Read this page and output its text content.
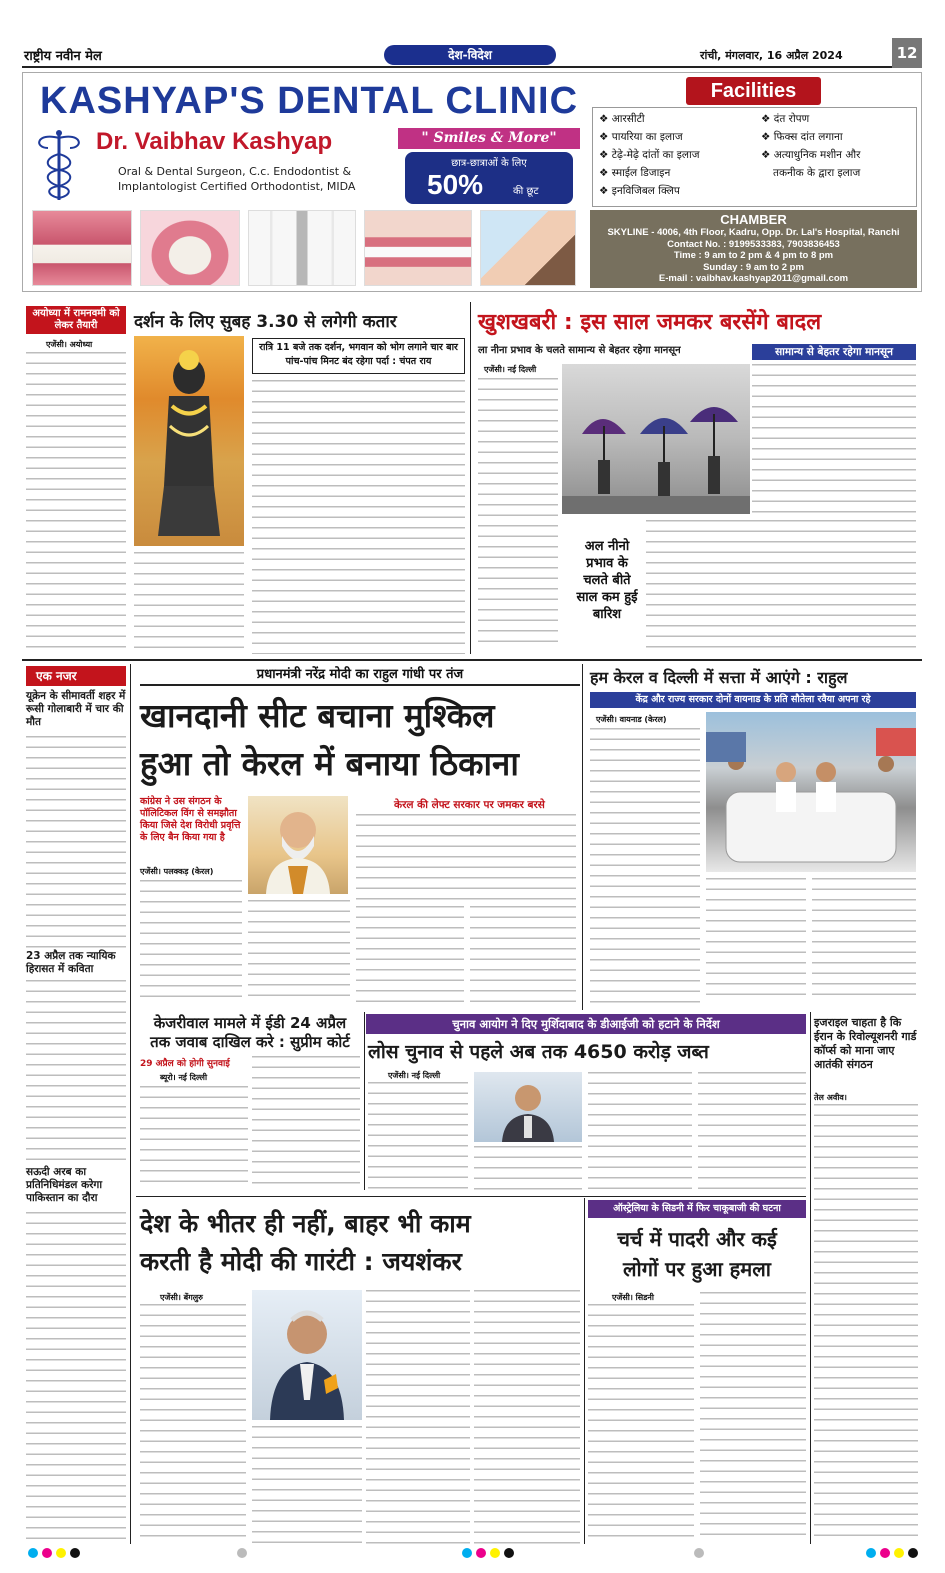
राष्ट्रीय नवीन मेल	देश-विदेश	रांची, मंगलवार, 16 अप्रैल 2024	12
KASHYAP'S DENTAL CLINIC
Dr. Vaibhav Kashyap
Oral & Dental Surgeon, C.c. Endodontist &
Implantologist Certified Orthodontist, MIDA
" Smiles & More"
छात्र-छात्राओं के लिए
50%	की छूट
Facilities
❖ आरसीटी
❖ पायरिया का इलाज
❖ टेढ़े-मेढ़े दांतों का इलाज
❖ स्माईल डिजाइन
❖ इनविजिबल क्लिप
❖ दंत रोपण
❖ फिक्स दांत लगाना
❖ अत्याधुनिक मशीन और
तकनीक के द्वारा इलाज
CHAMBER
SKYLINE - 4006, 4th Floor, Kadru, Opp. Dr. Lal's Hospital, Ranchi
Contact No. : 9199533383, 7903836453
Time : 9 am to 2 pm & 4 pm to 8 pm
Sunday : 9 am to 2 pm
E-mail : vaibhav.kashyap2011@gmail.com
अयोध्या में रामनवमी को लेकर तैयारी	दर्शन के लिए सुबह 3.30 से लगेगी कतार
एजेंसी। अयोध्या	रात्रि 11 बजे तक दर्शन, भगवान को भोग लगाने चार बार पांच-पांच मिनट बंद रहेगा पर्दा : चंपत राय
खुशखबरी : इस साल जमकर बरसेंगे बादल
ला नीना प्रभाव के चलते सामान्य से बेहतर रहेगा मानसून
एजेंसी। नई दिल्ली
अल नीनो प्रभाव के चलते बीते साल कम हुई बारिश
सामान्य से बेहतर रहेगा मानसून
एक नजर
यूक्रेन के सीमावर्ती शहर में रूसी गोलाबारी में चार की मौत
23 अप्रैल तक न्यायिक हिरासत में कविता
सऊदी अरब का प्रतिनिधिमंडल करेगा पाकिस्तान का दौरा
प्रधानमंत्री नरेंद्र मोदी का राहुल गांधी पर तंज
खानदानी सीट बचाना मुश्किल
हुआ तो केरल में बनाया ठिकाना
कांग्रेस ने उस संगठन के पॉलिटिकल विंग से समझौता किया जिसे देश विरोधी प्रवृत्ति के लिए बैन किया गया है
एजेंसी। पलक्कड़ (केरल)
केरल की लेफ्ट सरकार पर जमकर बरसे
हम केरल व दिल्ली में सत्ता में आएंगे : राहुल
केंद्र और राज्य सरकार दोनों वायनाड के प्रति सौतेला रवैया अपना रहे
एजेंसी। वायनाड (केरल)
केजरीवाल मामले में ईडी 24 अप्रैल
तक जवाब दाखिल करे : सुप्रीम कोर्ट
29 अप्रैल को होगी सुनवाई
ब्यूरो। नई दिल्ली
चुनाव आयोग ने दिए मुर्शिदाबाद के डीआईजी को हटाने के निर्देश
लोस चुनाव से पहले अब तक 4650 करोड़ जब्त
एजेंसी। नई दिल्ली
इजराइल चाहता है कि ईरान के रिवोल्यूशनरी गार्ड कॉर्प्स को माना जाए आतंकी संगठन
तेल अवीव।
देश के भीतर ही नहीं, बाहर भी काम
करती है मोदी की गारंटी : जयशंकर
एजेंसी। बेंगलुरु
ऑस्ट्रेलिया के सिडनी में फिर चाकूबाजी की घटना
चर्च में पादरी और कई
लोगों पर हुआ हमला
एजेंसी। सिडनी
